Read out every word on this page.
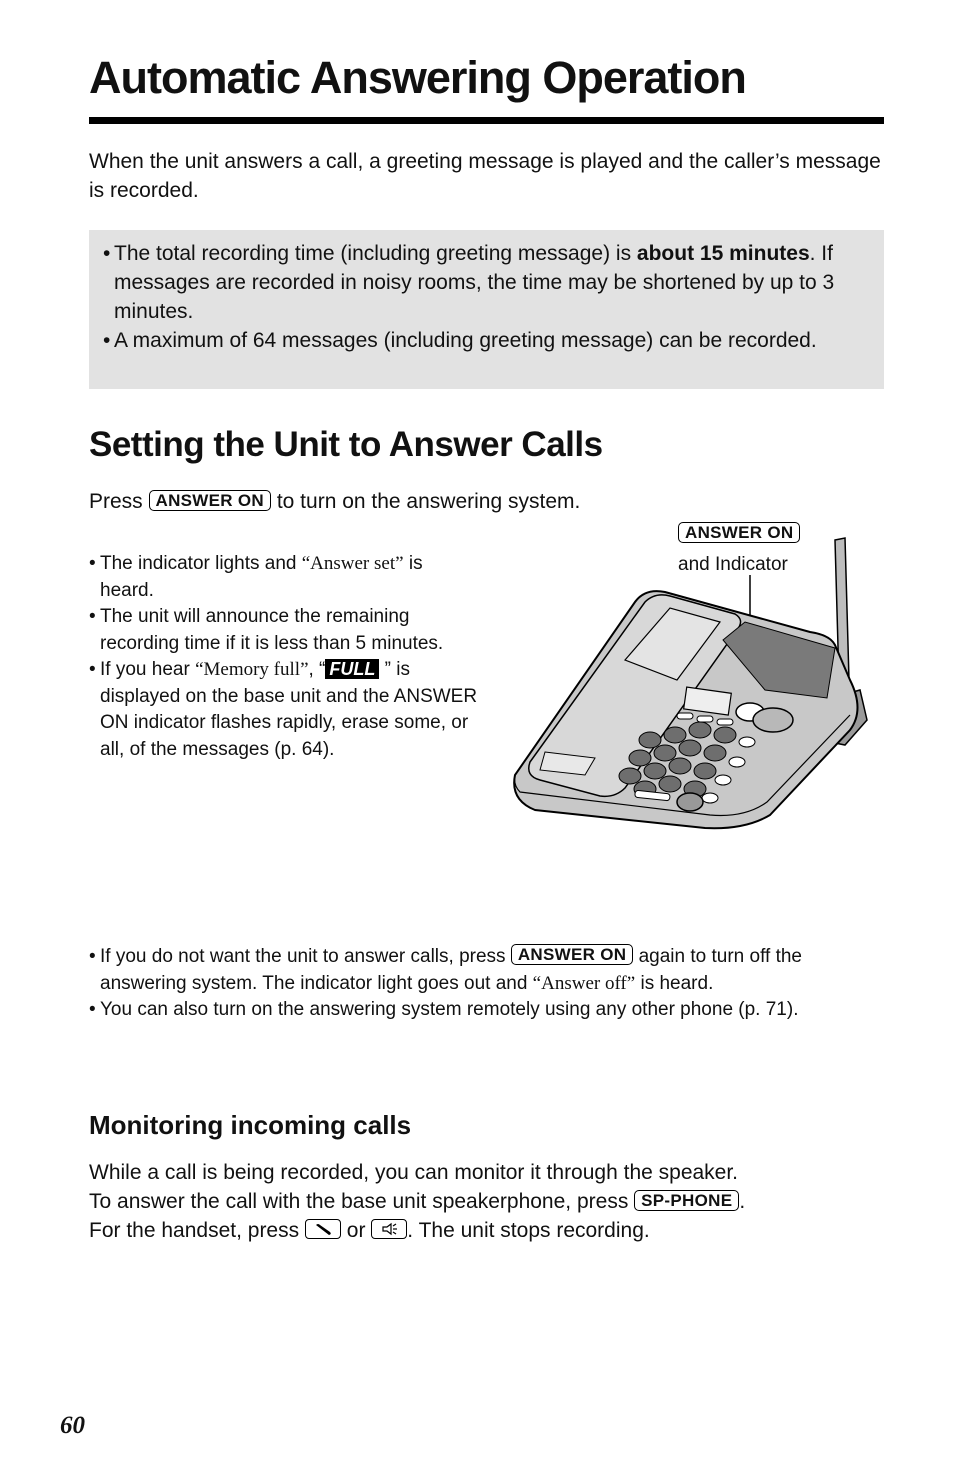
Automatic Answering Operation
When the unit answers a call, a greeting message is played and the caller’s message is recorded.
• The total recording time (including greeting message) is about 15 minutes. If messages are recorded in noisy rooms, the time may be shortened by up to 3 minutes.
• A maximum of 64 messages (including greeting message) can be recorded.
Setting the Unit to Answer Calls
Press ANSWER ON to turn on the answering system.
• The indicator lights and “Answer set” is heard.
• The unit will announce the remaining recording time if it is less than 5 minutes.
• If you hear “Memory full”, “ FULL ” is displayed on the base unit and the ANSWER ON indicator flashes rapidly, erase some, or all, of the messages (p. 64).
ANSWER ON
and Indicator
• If you do not want the unit to answer calls, press ANSWER ON again to turn off the answering system. The indicator light goes out and “Answer off” is heard.
• You can also turn on the answering system remotely using any other phone (p. 71).
Monitoring incoming calls
While a call is being recorded, you can monitor it through the speaker.
To answer the call with the base unit speakerphone, press SP-PHONE .
For the handset, press
or
. The unit stops recording.
60
